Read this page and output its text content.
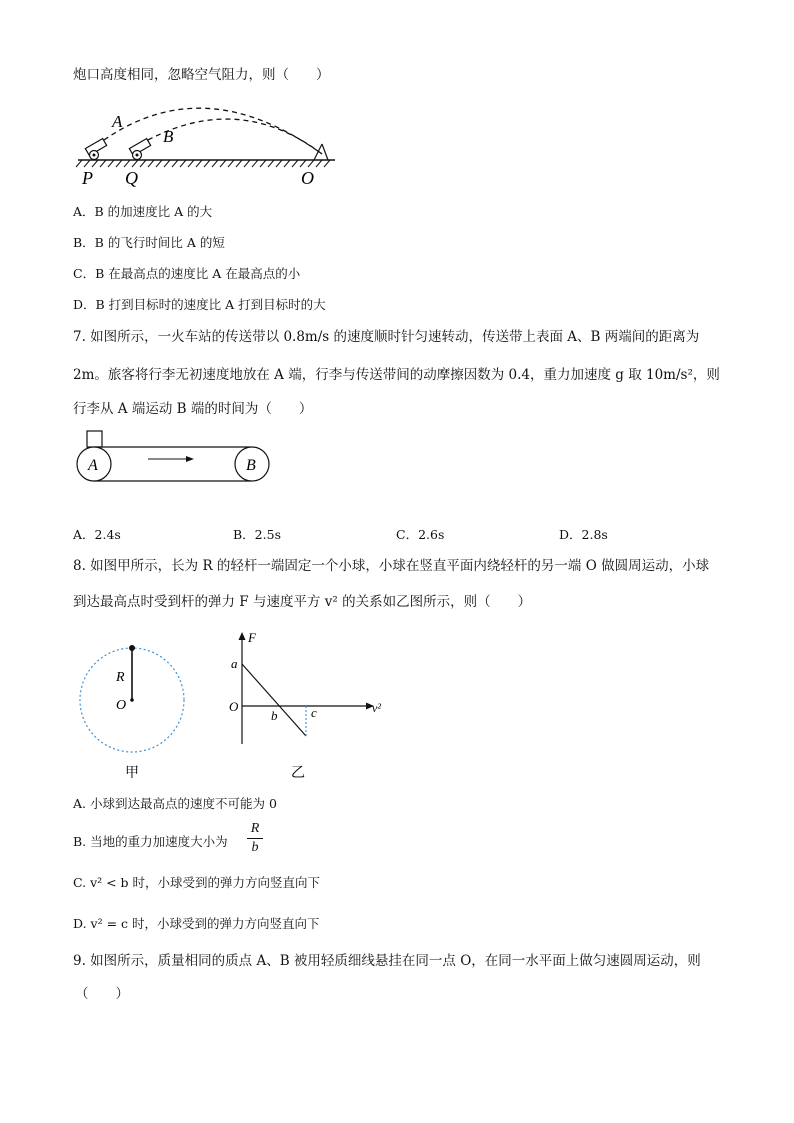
炮口高度相同，忽略空气阻力，则（　　）
A
B
P Q	O
A．B 的加速度比 A 的大
B．B 的飞行时间比 A 的短
C．B 在最高点的速度比 A 在最高点的小
D．B 打到目标时的速度比 A 打到目标时的大
7. 如图所示，一火车站的传送带以 0.8m/s 的速度顺时针匀速转动，传送带上表面 A、B 两端间的距离为
2m。旅客将行李无初速度地放在 A 端，行李与传送带间的动摩擦因数为 0.4，重力加速度 g 取 10m/s²，则
行李从 A 端运动 B 端的时间为（　　）
A	B
A．2.4s	B．2.5s	C．2.6s	D．2.8s
8. 如图甲所示，长为 R 的轻杆一端固定一个小球，小球在竖直平面内绕轻杆的另一端 O 做圆周运动，小球
到达最高点时受到杆的弹力 F 与速度平方 v² 的关系如乙图所示，则（　　）
R
O
甲
F
a
O
b	c	v²
乙
A. 小球到达最高点的速度不可能为 0
B. 当地的重力加速度大小为
R
b
C. v² < b 时，小球受到的弹力方向竖直向下
D. v² = c 时，小球受到的弹力方向竖直向下
9. 如图所示，质量相同的质点 A、B 被用轻质细线悬挂在同一点 O，在同一水平面上做匀速圆周运动，则
（　　）
